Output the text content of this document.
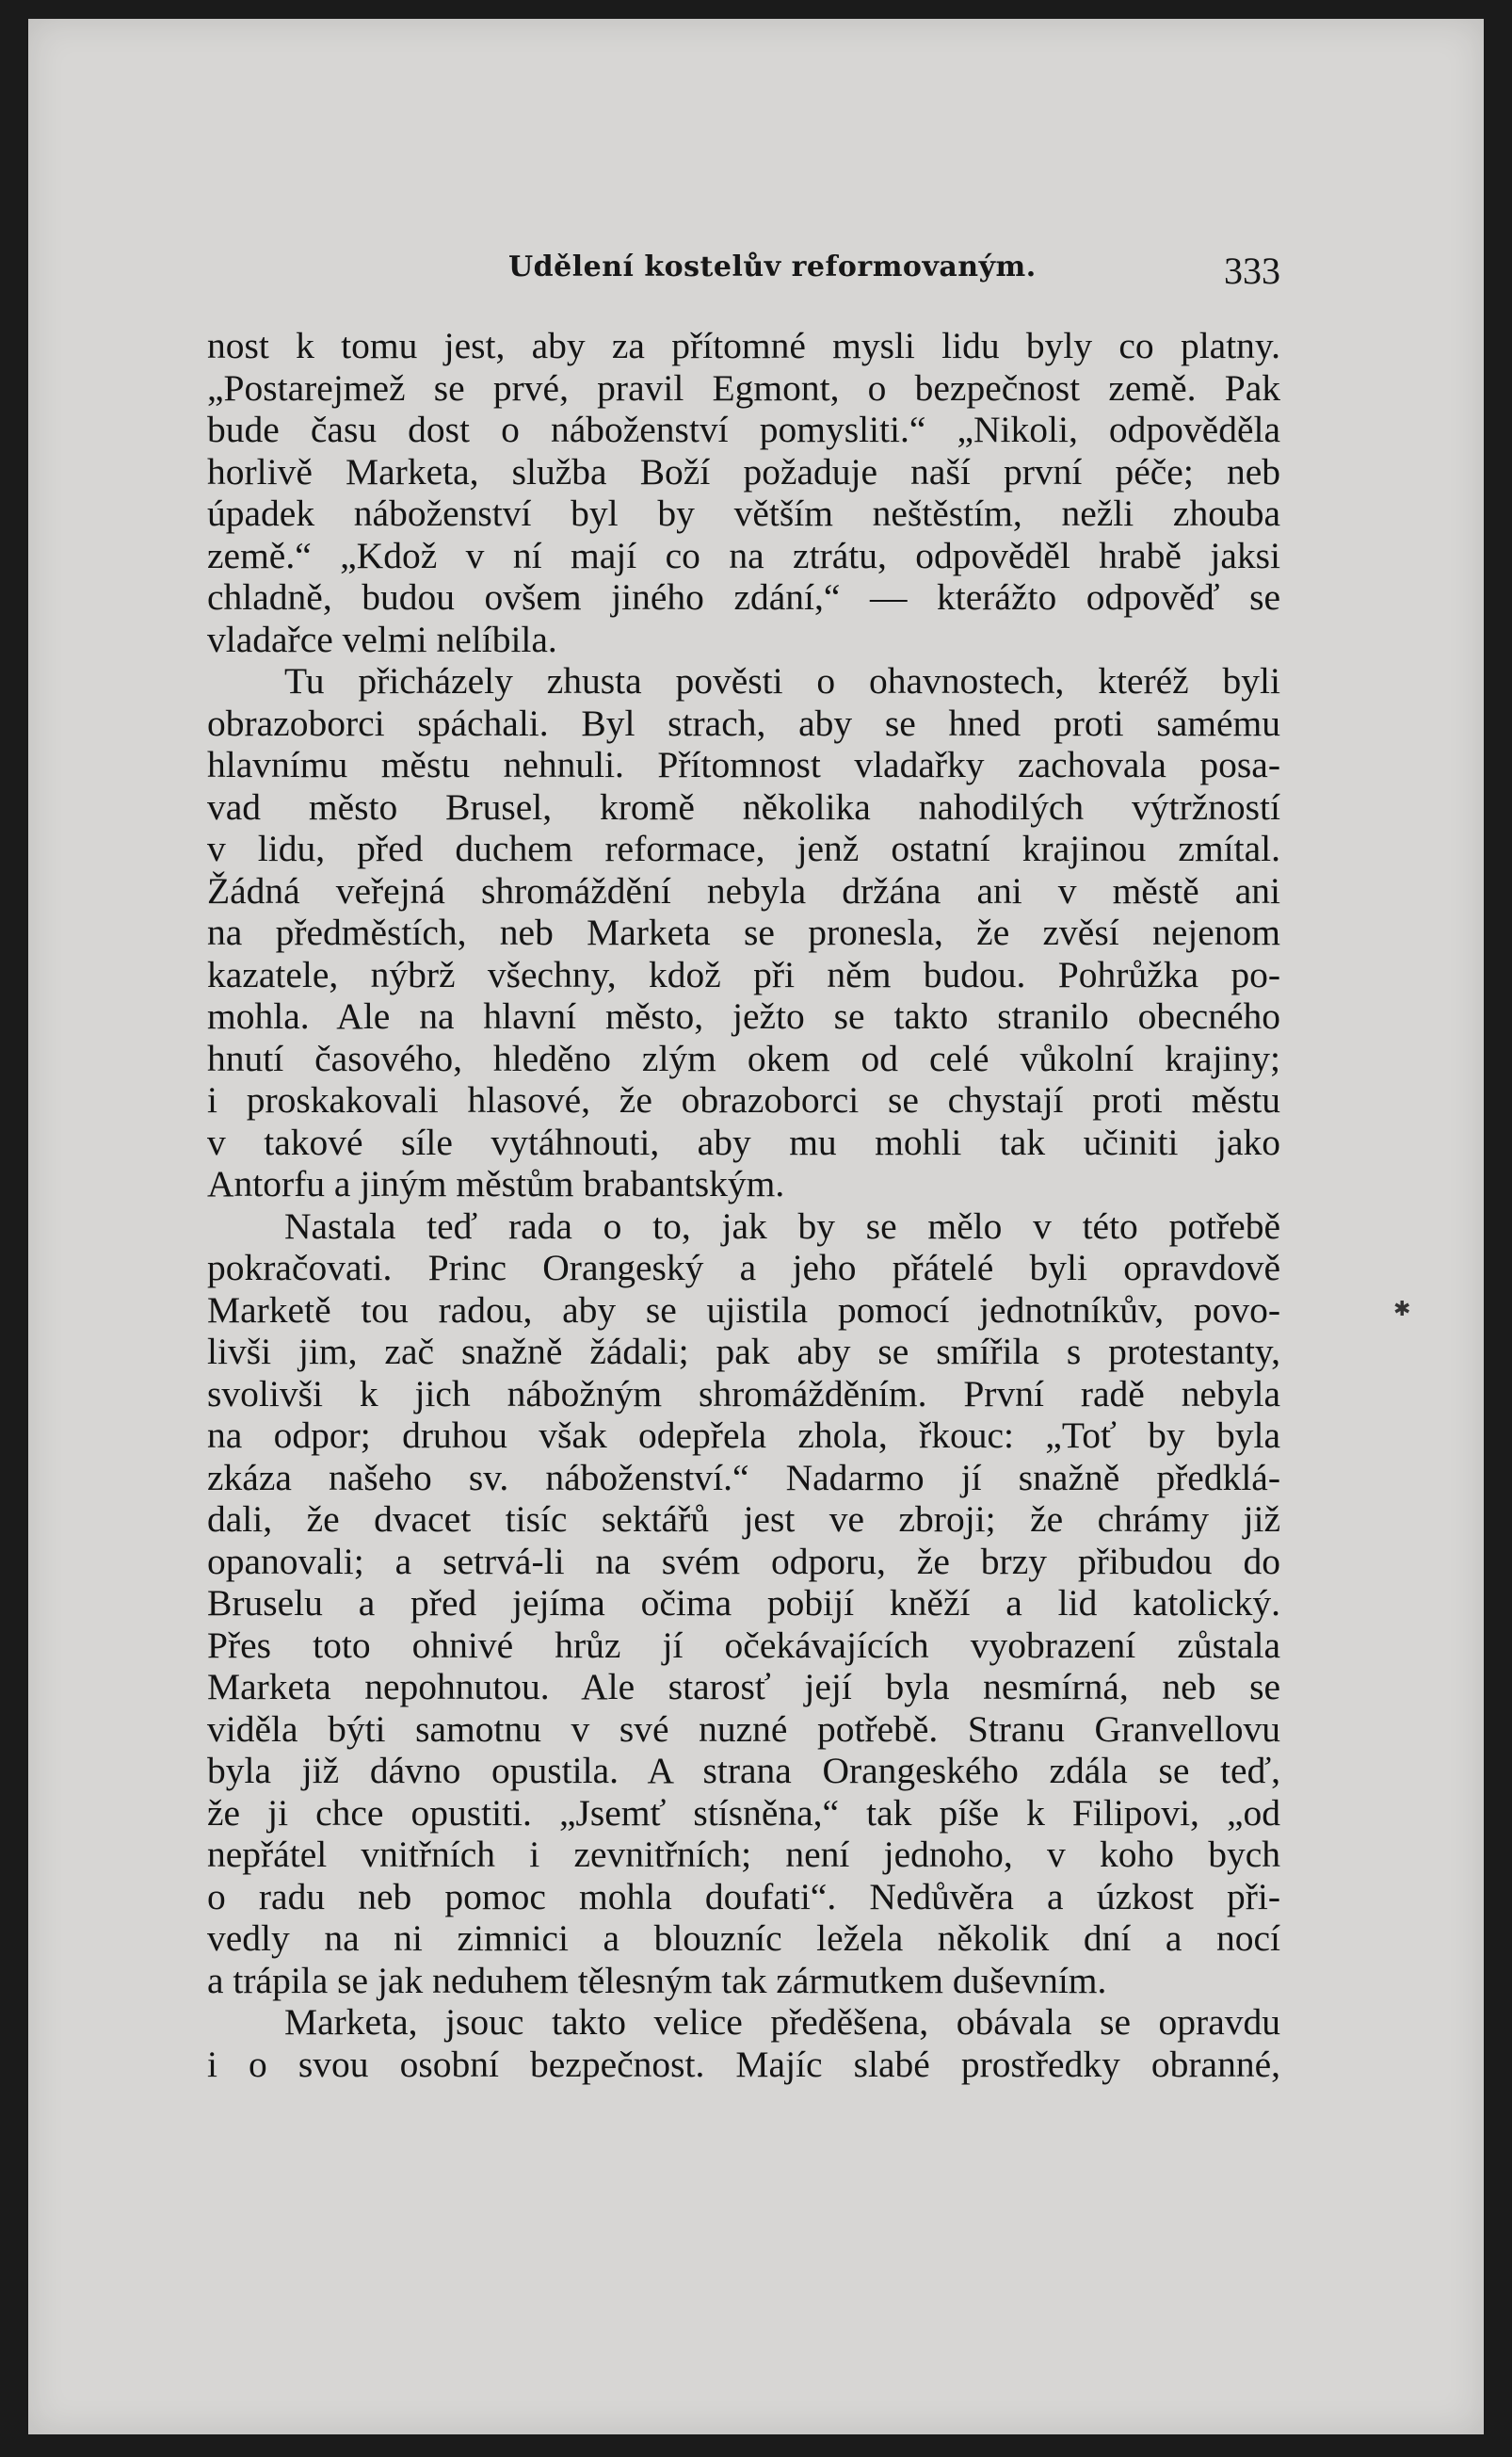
Udělení kostelův reformovaným.	333
nost k tomu jest, aby za přítomné mysli lidu byly co platny.
„Postarejmež se prvé, pravil Egmont, o bezpečnost země. Pak
bude času dost o náboženství pomysliti.“ „Nikoli, odpověděla
horlivě Marketa, služba Boží požaduje naší první péče; neb
úpadek náboženství byl by větším neštěstím, nežli zhouba
země.“ „Kdož v ní mají co na ztrátu, odpověděl hrabě jaksi
chladně, budou ovšem jiného zdání,“ — kterážto odpověď se
vladařce velmi nelíbila.
Tu přicházely zhusta pověsti o ohavnostech, kteréž byli
obrazoborci spáchali. Byl strach, aby se hned proti samému
hlavnímu městu nehnuli. Přítomnost vladařky zachovala posa-
vad město Brusel, kromě několika nahodilých výtržností
v lidu, před duchem reformace, jenž ostatní krajinou zmítal.
Žádná veřejná shromáždění nebyla držána ani v městě ani
na předměstích, neb Marketa se pronesla, že zvěsí nejenom
kazatele, nýbrž všechny, kdož při něm budou. Pohrůžka po-
mohla. Ale na hlavní město, ježto se takto stranilo obecného
hnutí časového, hleděno zlým okem od celé vůkolní krajiny;
i proskakovali hlasové, že obrazoborci se chystají proti městu
v takové síle vytáhnouti, aby mu mohli tak učiniti jako
Antorfu a jiným městům brabantským.
Nastala teď rada o to, jak by se mělo v této potřebě
pokračovati. Princ Orangeský a jeho přátelé byli opravdově
Marketě tou radou, aby se ujistila pomocí jednotníkův, povo-
livši jim, zač snažně žádali; pak aby se smířila s protestanty,
svolivši k jich nábožným shromážděním. První radě nebyla
na odpor; druhou však odepřela zhola, řkouc: „Toť by byla
zkáza našeho sv. náboženství.“ Nadarmo jí snažně předklá-
dali, že dvacet tisíc sektářů jest ve zbroji; že chrámy již
opanovali; a setrvá-li na svém odporu, že brzy přibudou do
Bruselu a před jejíma očima pobijí kněží a lid katolický.
Přes toto ohnivé hrůz jí očekávajících vyobrazení zůstala
Marketa nepohnutou. Ale starosť její byla nesmírná, neb se
viděla býti samotnu v své nuzné potřebě. Stranu Granvellovu
byla již dávno opustila. A strana Orangeského zdála se teď,
že ji chce opustiti. „Jsemť stísněna,“ tak píše k Filipovi, „od
nepřátel vnitřních i zevnitřních; není jednoho, v koho bych
o radu neb pomoc mohla doufati“. Nedůvěra a úzkost při-
vedly na ni zimnici a blouzníc ležela několik dní a nocí
a trápila se jak neduhem tělesným tak zármutkem duševním.
Marketa, jsouc takto velice předěšena, obávala se opravdu
i o svou osobní bezpečnost. Majíc slabé prostředky obranné,
✱
